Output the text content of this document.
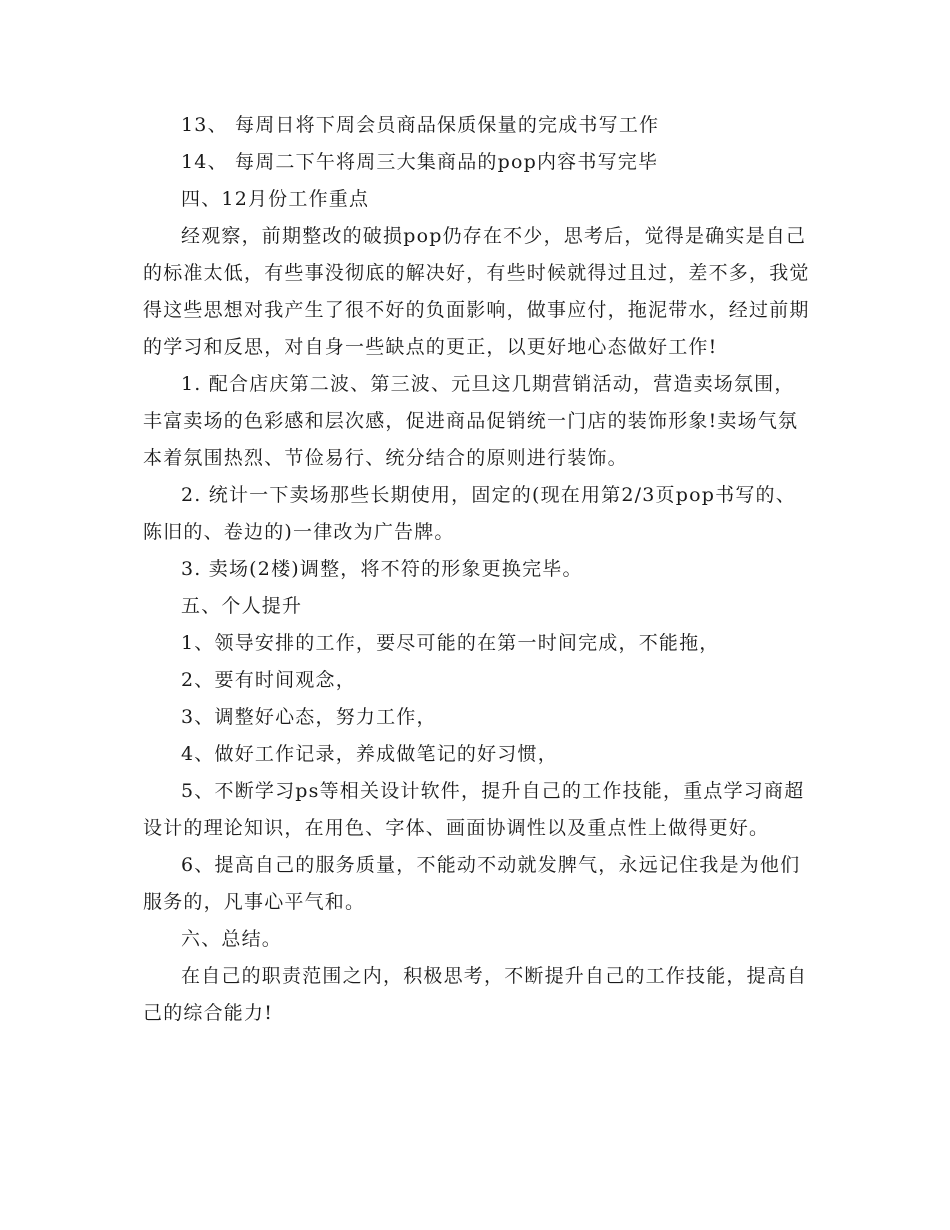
13、 每周日将下周会员商品保质保量的完成书写工作

14、 每周二下午将周三大集商品的pop内容书写完毕

四、12月份工作重点

经观察，前期整改的破损pop仍存在不少，思考后，觉得是确实是自己的标准太低，有些事没彻底的解决好，有些时候就得过且过，差不多，我觉得这些思想对我产生了很不好的负面影响，做事应付，拖泥带水，经过前期的学习和反思，对自身一些缺点的更正，以更好地心态做好工作!

1. 配合店庆第二波、第三波、元旦这几期营销活动，营造卖场氛围，丰富卖场的色彩感和层次感，促进商品促销统一门店的装饰形象!卖场气氛本着氛围热烈、节俭易行、统分结合的原则进行装饰。

2. 统计一下卖场那些长期使用，固定的(现在用第2/3页pop书写的、陈旧的、卷边的)一律改为广告牌。

3. 卖场(2楼)调整，将不符的形象更换完毕。

五、个人提升

1、领导安排的工作，要尽可能的在第一时间完成，不能拖，

2、要有时间观念，

3、调整好心态，努力工作，

4、做好工作记录，养成做笔记的好习惯，

5、不断学习ps等相关设计软件，提升自己的工作技能，重点学习商超设计的理论知识，在用色、字体、画面协调性以及重点性上做得更好。

6、提高自己的服务质量，不能动不动就发脾气，永远记住我是为他们服务的，凡事心平气和。

六、总结。

在自己的职责范围之内，积极思考，不断提升自己的工作技能，提高自己的综合能力!
